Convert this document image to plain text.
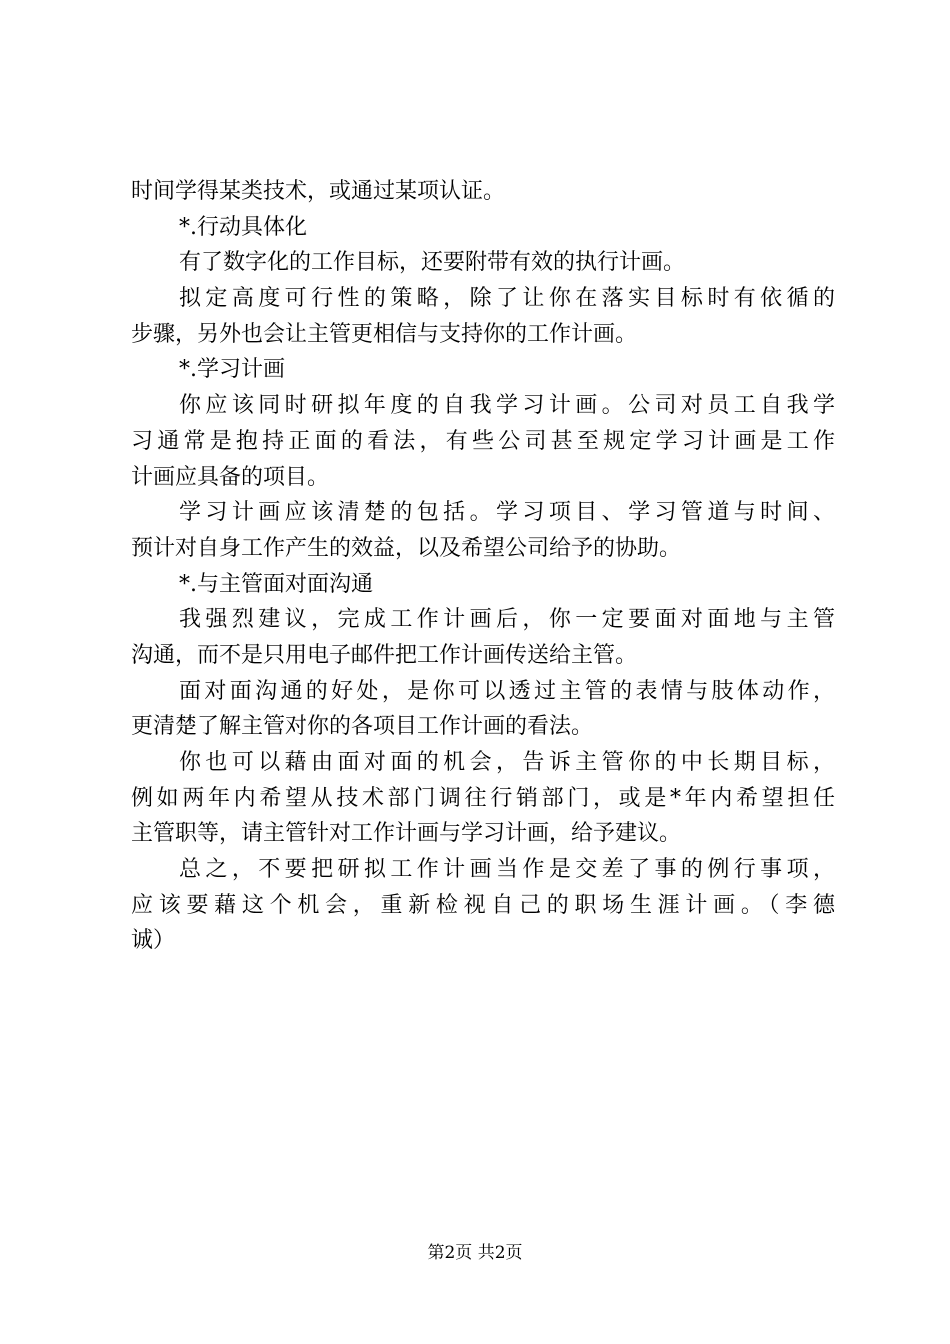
时间学得某类技术，或通过某项认证。
*.行动具体化
有了数字化的工作目标，还要附带有效的执行计画。
拟定高度可行性的策略，除了让你在落实目标时有依循的
步骤，另外也会让主管更相信与支持你的工作计画。
*.学习计画
你应该同时研拟年度的自我学习计画。公司对员工自我学
习通常是抱持正面的看法，有些公司甚至规定学习计画是工作
计画应具备的项目。
学习计画应该清楚的包括。学习项目、学习管道与时间、
预计对自身工作产生的效益，以及希望公司给予的协助。
*.与主管面对面沟通
我强烈建议，完成工作计画后，你一定要面对面地与主管
沟通，而不是只用电子邮件把工作计画传送给主管。
面对面沟通的好处，是你可以透过主管的表情与肢体动作，
更清楚了解主管对你的各项目工作计画的看法。
你也可以藉由面对面的机会，告诉主管你的中长期目标，
例如两年内希望从技术部门调往行销部门，或是*年内希望担任
主管职等，请主管针对工作计画与学习计画，给予建议。
总之，不要把研拟工作计画当作是交差了事的例行事项，
应该要藉这个机会，重新检视自己的职场生涯计画。（李德
诚）
第2页 共2页
